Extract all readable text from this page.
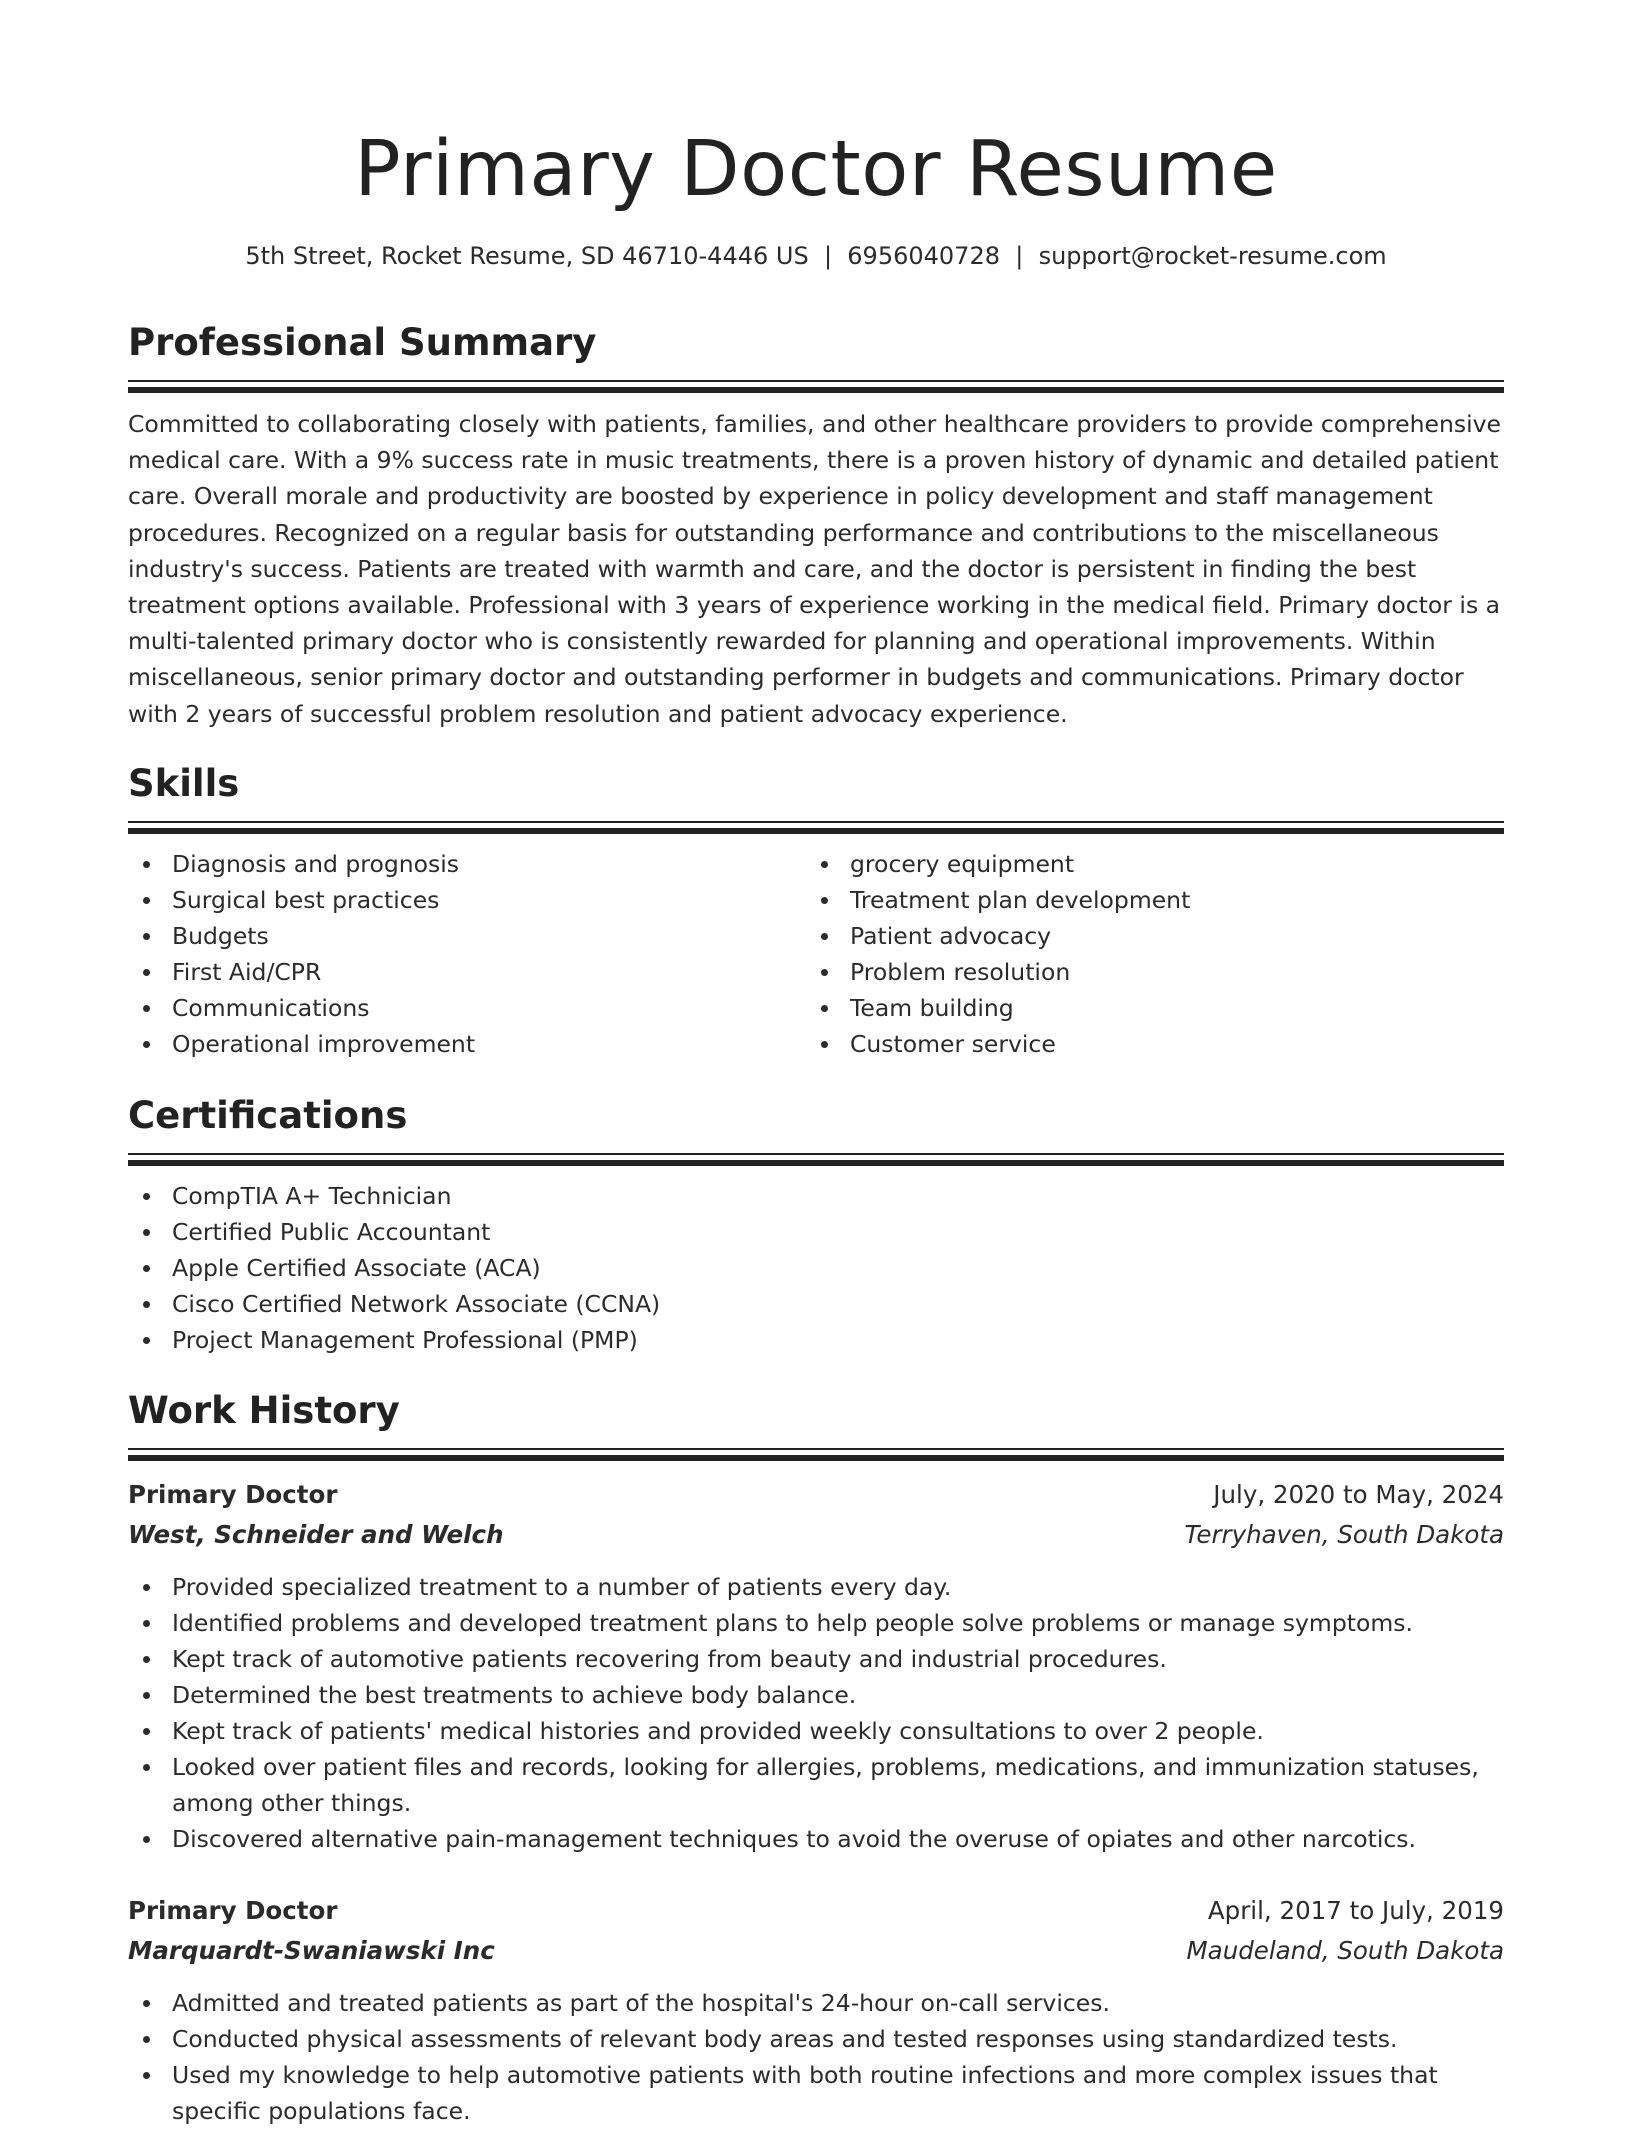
Primary Doctor Resume
5th Street, Rocket Resume, SD 46710-4446 US  |  6956040728  |  support@rocket-resume.com
Professional Summary

Committed to collaborating closely with patients, families, and other healthcare providers to provide comprehensive medical care. With a 9% success rate in music treatments, there is a proven history of dynamic and detailed patient care. Overall morale and productivity are boosted by experience in policy development and staff management procedures. Recognized on a regular basis for outstanding performance and contributions to the miscellaneous industry's success. Patients are treated with warmth and care, and the doctor is persistent in finding the best treatment options available. Professional with 3 years of experience working in the medical field. Primary doctor is a multi-talented primary doctor who is consistently rewarded for planning and operational improvements. Within miscellaneous, senior primary doctor and outstanding performer in budgets and communications. Primary doctor with 2 years of successful problem resolution and patient advocacy experience.

Skills
Diagnosis and prognosis
Surgical best practices
Budgets
First Aid/CPR
Communications
Operational improvement
grocery equipment
Treatment plan development
Patient advocacy
Problem resolution
Team building
Customer service
Certifications
CompTIA A+ Technician
Certified Public Accountant
Apple Certified Associate (ACA)
Cisco Certified Network Associate (CCNA)
Project Management Professional (PMP)
Work History
Primary Doctor	July, 2020 to May, 2024
West, Schneider and Welch	Terryhaven, South Dakota
Provided specialized treatment to a number of patients every day.
Identified problems and developed treatment plans to help people solve problems or manage symptoms.
Kept track of automotive patients recovering from beauty and industrial procedures.
Determined the best treatments to achieve body balance.
Kept track of patients' medical histories and provided weekly consultations to over 2 people.
Looked over patient files and records, looking for allergies, problems, medications, and immunization statuses, among other things.
Discovered alternative pain-management techniques to avoid the overuse of opiates and other narcotics.
Primary Doctor	April, 2017 to July, 2019
Marquardt-Swaniawski Inc	Maudeland, South Dakota
Admitted and treated patients as part of the hospital's 24-hour on-call services.
Conducted physical assessments of relevant body areas and tested responses using standardized tests.
Used my knowledge to help automotive patients with both routine infections and more complex issues that specific populations face.
